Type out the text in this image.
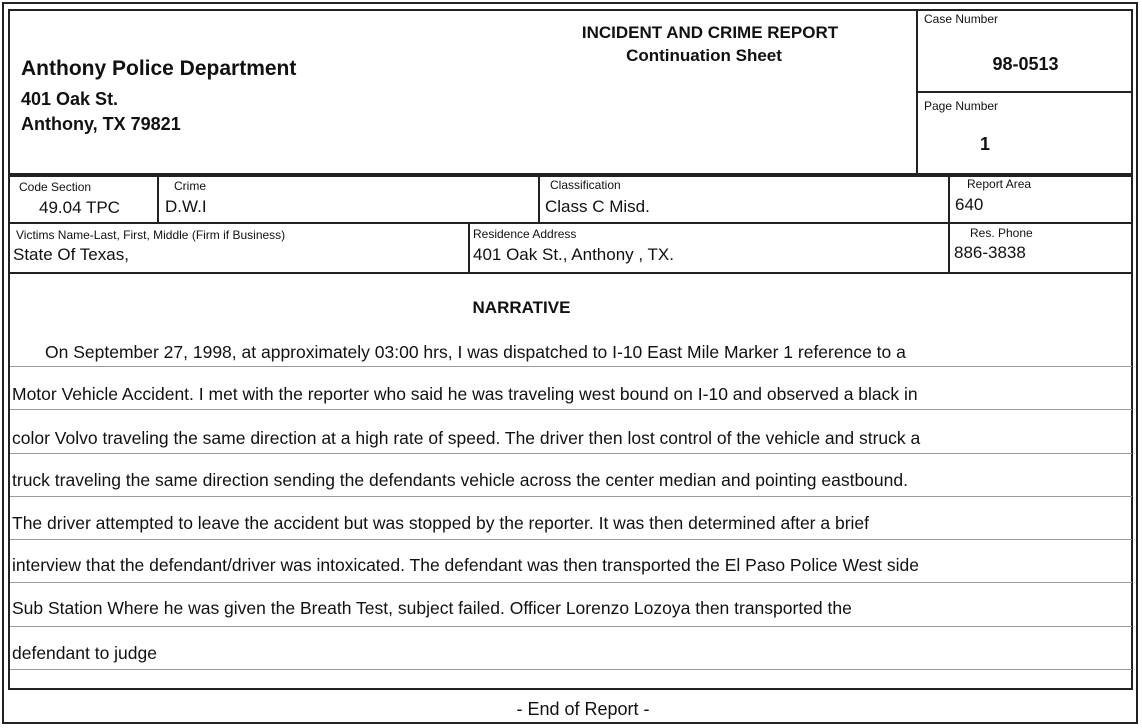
Anthony Police Department
401 Oak St.
Anthony, TX 79821
INCIDENT AND CRIME REPORT
Continuation Sheet
Case Number
98-0513
Page Number
1
Code Section
49.04 TPC
Crime
D.W.I
Classification
Class C Misd.
Report Area
640
Victims Name-Last, First, Middle (Firm if Business)
State Of Texas,
Residence Address
401 Oak St., Anthony , TX.
Res. Phone
886-3838
NARRATIVE
On September 27, 1998, at approximately 03:00 hrs, I was dispatched to I-10 East Mile Marker 1 reference to a
Motor Vehicle Accident. I met with the reporter who said he was traveling west bound on I-10 and observed a black in
color Volvo traveling the same direction at a high rate of speed. The driver then lost control of the vehicle and struck a
truck traveling the same direction sending the defendants vehicle across the center median and pointing eastbound.
The driver attempted to leave the accident but was stopped by the reporter. It was then determined after a brief
interview that the defendant/driver was intoxicated. The defendant was then transported the El Paso Police West side
Sub Station Where he was given the Breath Test, subject failed. Officer Lorenzo Lozoya then transported the
defendant to judge
- End of Report -
